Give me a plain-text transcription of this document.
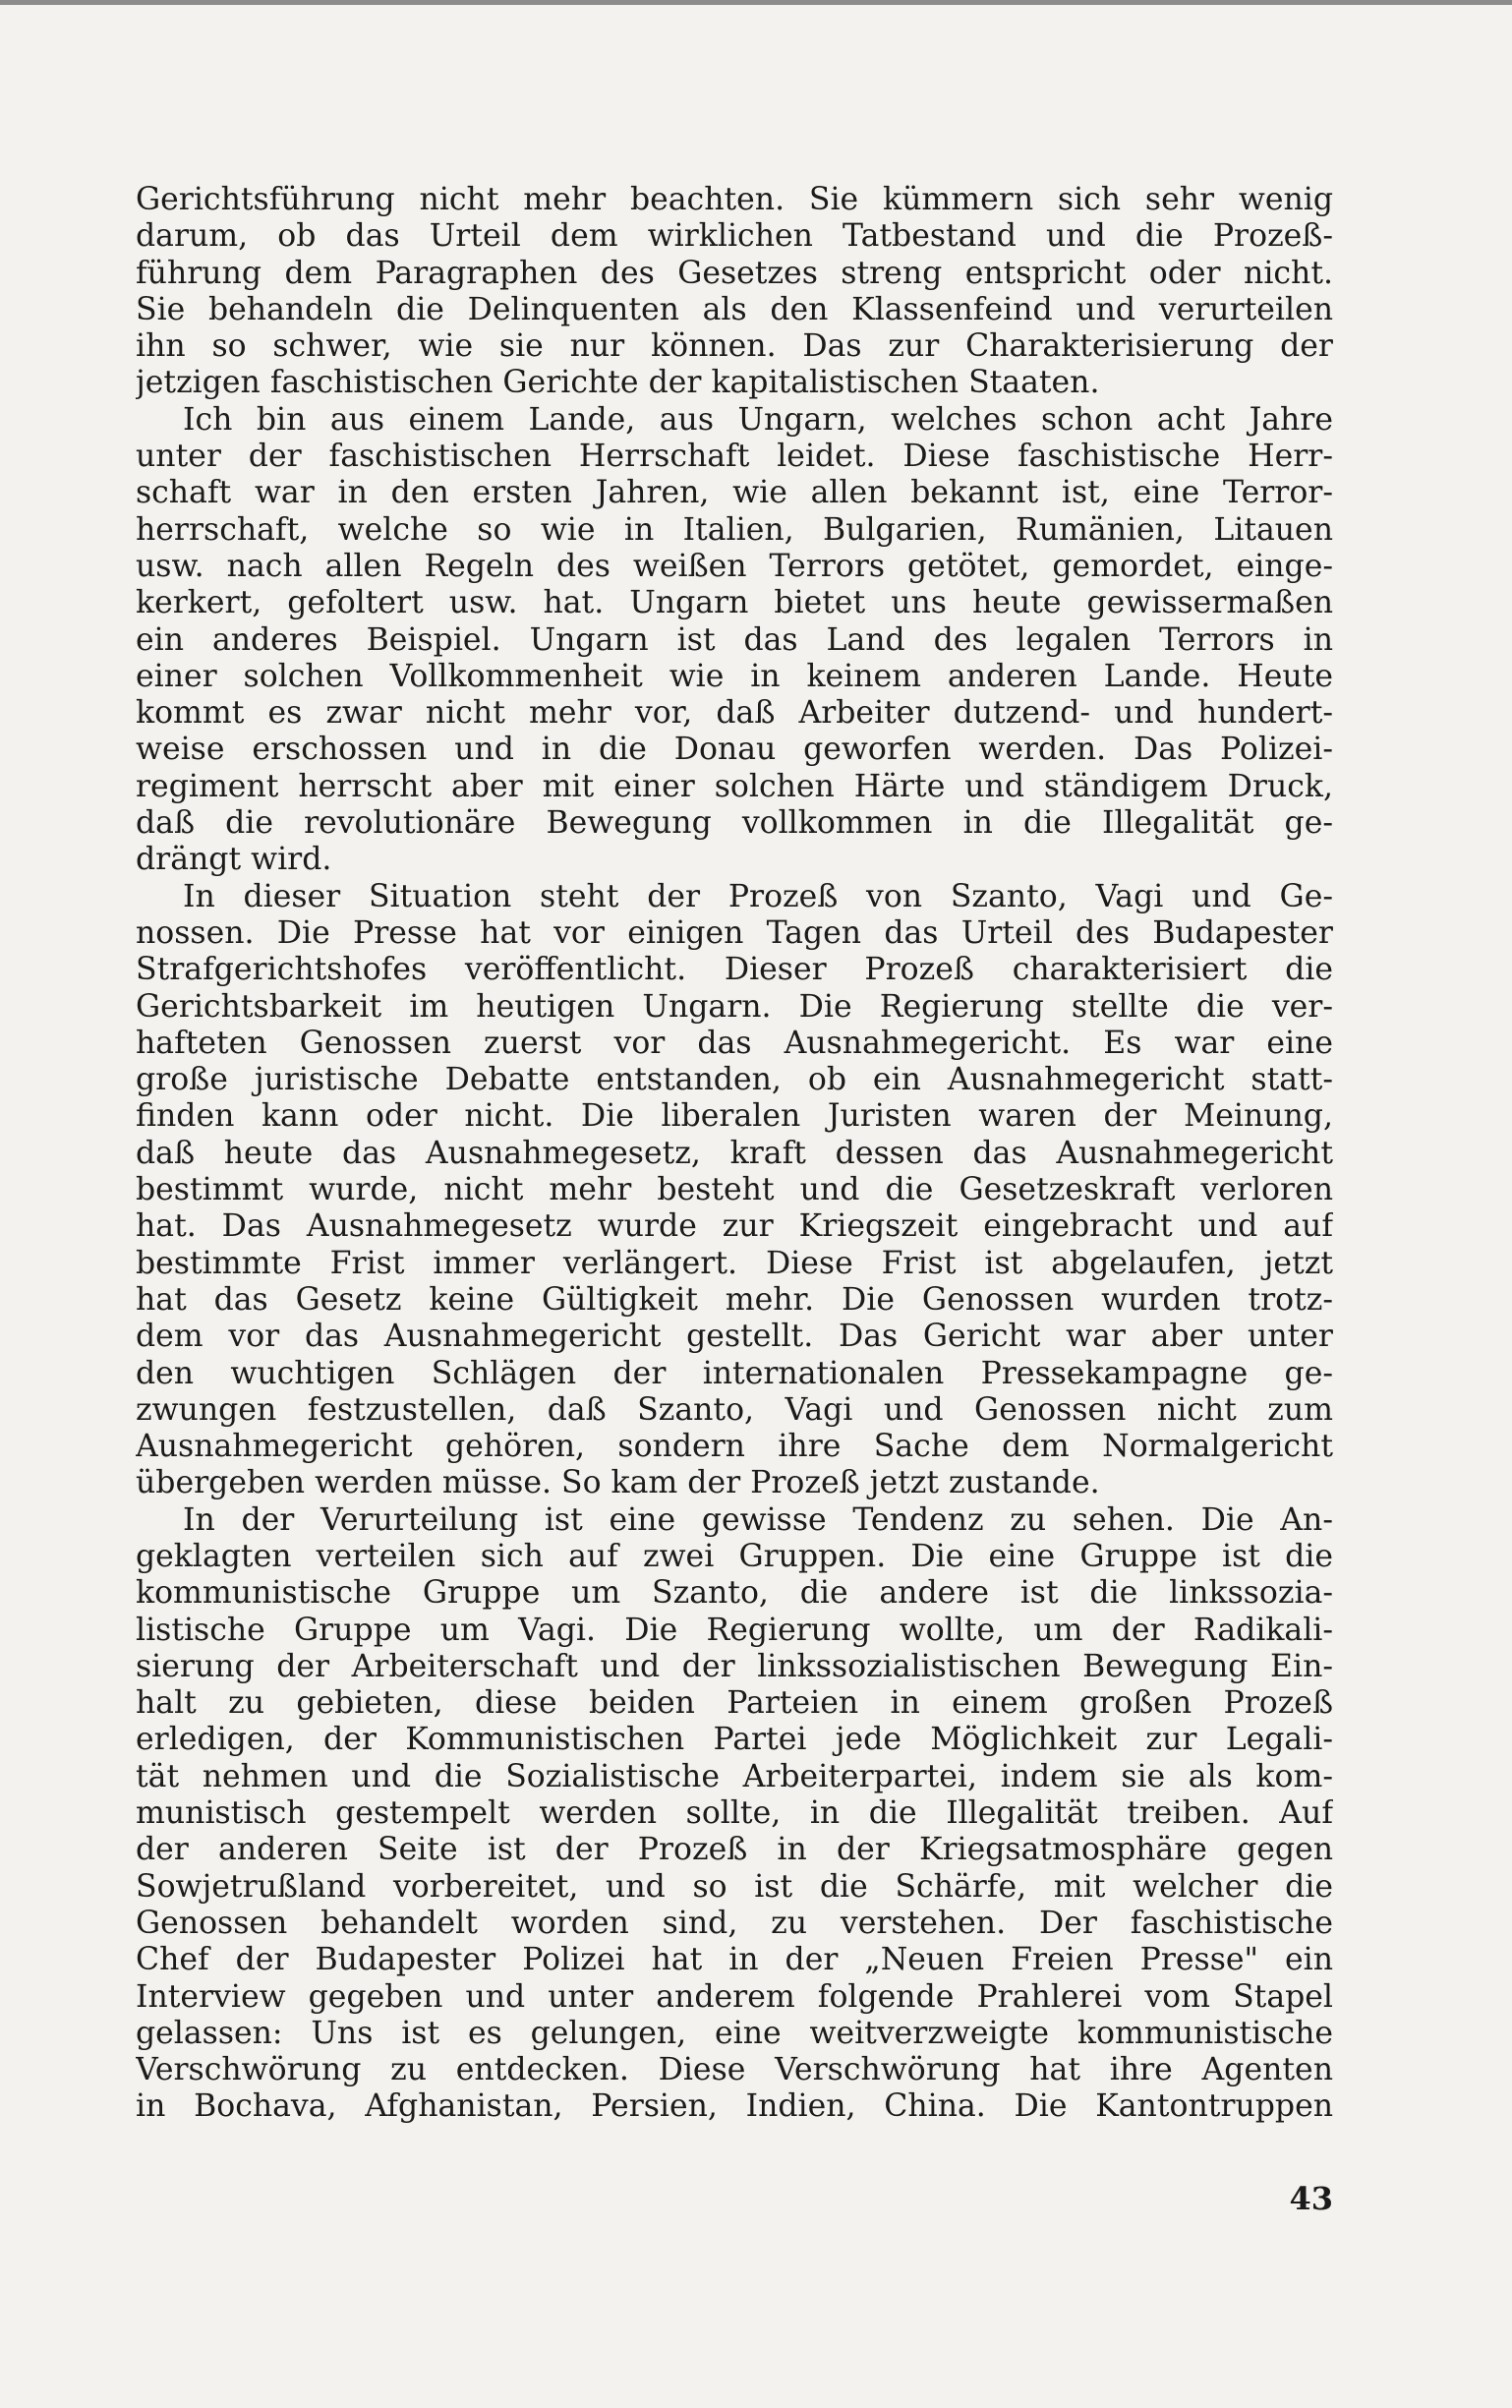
Gerichtsführung nicht mehr beachten. Sie kümmern sich sehr wenig
darum, ob das Urteil dem wirklichen Tatbestand und die Prozeß-
führung dem Paragraphen des Gesetzes streng entspricht oder nicht.
Sie behandeln die Delinquenten als den Klassenfeind und verurteilen
ihn so schwer, wie sie nur können. Das zur Charakterisierung der
jetzigen faschistischen Gerichte der kapitalistischen Staaten.

Ich bin aus einem Lande, aus Ungarn, welches schon acht Jahre
unter der faschistischen Herrschaft leidet. Diese faschistische Herr-
schaft war in den ersten Jahren, wie allen bekannt ist, eine Terror-
herrschaft, welche so wie in Italien, Bulgarien, Rumänien, Litauen
usw. nach allen Regeln des weißen Terrors getötet, gemordet, einge-
kerkert, gefoltert usw. hat. Ungarn bietet uns heute gewissermaßen
ein anderes Beispiel. Ungarn ist das Land des legalen Terrors in
einer solchen Vollkommenheit wie in keinem anderen Lande. Heute
kommt es zwar nicht mehr vor, daß Arbeiter dutzend- und hundert-
weise erschossen und in die Donau geworfen werden. Das Polizei-
regiment herrscht aber mit einer solchen Härte und ständigem Druck,
daß die revolutionäre Bewegung vollkommen in die Illegalität ge-
drängt wird.

In dieser Situation steht der Prozeß von Szanto, Vagi und Ge-
nossen. Die Presse hat vor einigen Tagen das Urteil des Budapester
Strafgerichtshofes veröffentlicht. Dieser Prozeß charakterisiert die
Gerichtsbarkeit im heutigen Ungarn. Die Regierung stellte die ver-
hafteten Genossen zuerst vor das Ausnahmegericht. Es war eine
große juristische Debatte entstanden, ob ein Ausnahmegericht statt-
finden kann oder nicht. Die liberalen Juristen waren der Meinung,
daß heute das Ausnahmegesetz, kraft dessen das Ausnahmegericht
bestimmt wurde, nicht mehr besteht und die Gesetzeskraft verloren
hat. Das Ausnahmegesetz wurde zur Kriegszeit eingebracht und auf
bestimmte Frist immer verlängert. Diese Frist ist abgelaufen, jetzt
hat das Gesetz keine Gültigkeit mehr. Die Genossen wurden trotz-
dem vor das Ausnahmegericht gestellt. Das Gericht war aber unter
den wuchtigen Schlägen der internationalen Pressekampagne ge-
zwungen festzustellen, daß Szanto, Vagi und Genossen nicht zum
Ausnahmegericht gehören, sondern ihre Sache dem Normalgericht
übergeben werden müsse. So kam der Prozeß jetzt zustande.

In der Verurteilung ist eine gewisse Tendenz zu sehen. Die An-
geklagten verteilen sich auf zwei Gruppen. Die eine Gruppe ist die
kommunistische Gruppe um Szanto, die andere ist die linkssozia-
listische Gruppe um Vagi. Die Regierung wollte, um der Radikali-
sierung der Arbeiterschaft und der linkssozialistischen Bewegung Ein-
halt zu gebieten, diese beiden Parteien in einem großen Prozeß
erledigen, der Kommunistischen Partei jede Möglichkeit zur Legali-
tät nehmen und die Sozialistische Arbeiterpartei, indem sie als kom-
munistisch gestempelt werden sollte, in die Illegalität treiben. Auf
der anderen Seite ist der Prozeß in der Kriegsatmosphäre gegen
Sowjetrußland vorbereitet, und so ist die Schärfe, mit welcher die
Genossen behandelt worden sind, zu verstehen. Der faschistische
Chef der Budapester Polizei hat in der „Neuen Freien Presse" ein
Interview gegeben und unter anderem folgende Prahlerei vom Stapel
gelassen: Uns ist es gelungen, eine weitverzweigte kommunistische
Verschwörung zu entdecken. Diese Verschwörung hat ihre Agenten
in Bochava, Afghanistan, Persien, Indien, China. Die Kantontruppen

43
